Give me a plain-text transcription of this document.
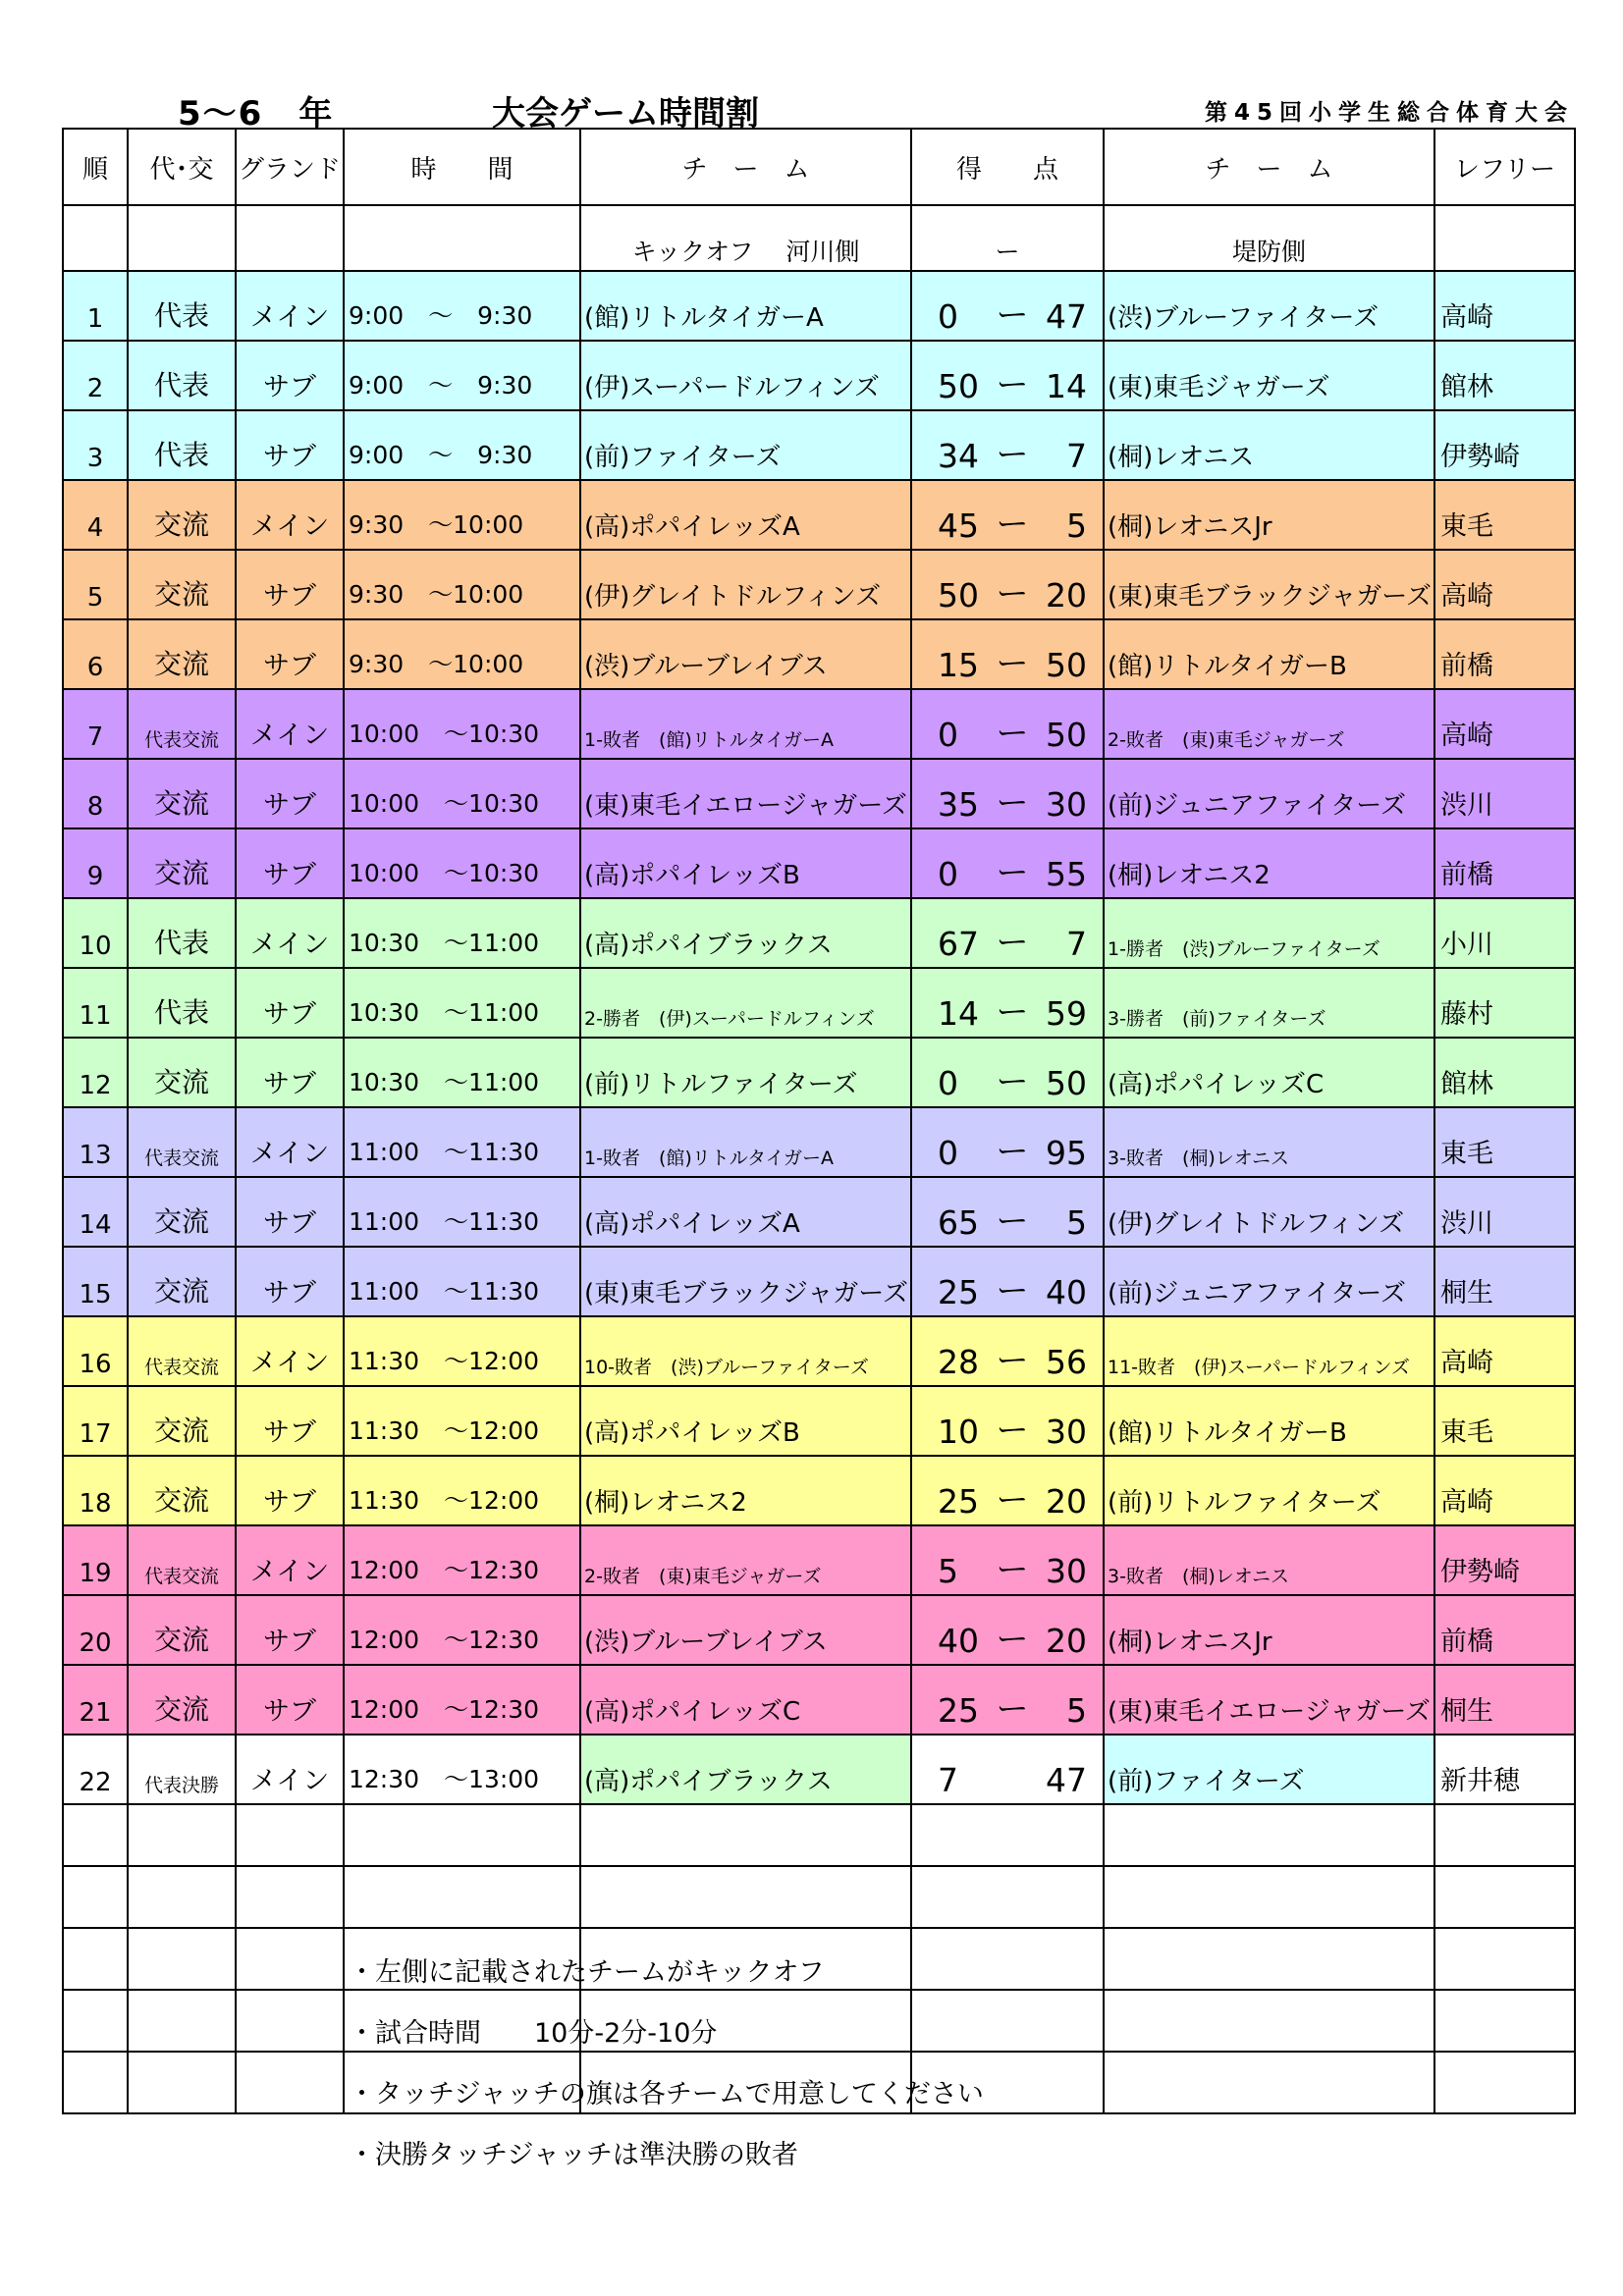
5～6　年	大会ゲーム時間割	第45回小学生総合体育大会
順	代･交	グランド	時　　間	チ　ー　ム	得　　点	チ　ー　ム	レフリー
				キックオフ　 河川側	ー	堤防側	
1	代表	メイン	9:00　～　9:30	(館)リトルタイガーA	0 ー 47	(渋)ブルーファイターズ	高崎
2	代表	サブ	9:00　～　9:30	(伊)スーパードルフィンズ	50 ー 14	(東)東毛ジャガーズ	館林
3	代表	サブ	9:00　～　9:30	(前)ファイターズ	34 ー 7	(桐)レオニス	伊勢崎
4	交流	メイン	9:30　～10:00	(高)ポパイレッズA	45 ー 5	(桐)レオニスJr	東毛
5	交流	サブ	9:30　～10:00	(伊)グレイトドルフィンズ	50 ー 20	(東)東毛ブラックジャガーズ	高崎
6	交流	サブ	9:30　～10:00	(渋)ブルーブレイブス	15 ー 50	(館)リトルタイガーB	前橋
7	代表交流	メイン	10:00　～10:30	1-敗者　(館)リトルタイガーA	0 ー 50	2-敗者　(東)東毛ジャガーズ	高崎
8	交流	サブ	10:00　～10:30	(東)東毛イエロージャガーズ	35 ー 30	(前)ジュニアファイターズ	渋川
9	交流	サブ	10:00　～10:30	(高)ポパイレッズB	0 ー 55	(桐)レオニス2	前橋
10	代表	メイン	10:30　～11:00	(高)ポパイブラックス	67 ー 7	1-勝者　(渋)ブルーファイターズ	小川
11	代表	サブ	10:30　～11:00	2-勝者　(伊)スーパードルフィンズ	14 ー 59	3-勝者　(前)ファイターズ	藤村
12	交流	サブ	10:30　～11:00	(前)リトルファイターズ	0 ー 50	(高)ポパイレッズC	館林
13	代表交流	メイン	11:00　～11:30	1-敗者　(館)リトルタイガーA	0 ー 95	3-敗者　(桐)レオニス	東毛
14	交流	サブ	11:00　～11:30	(高)ポパイレッズA	65 ー 5	(伊)グレイトドルフィンズ	渋川
15	交流	サブ	11:00　～11:30	(東)東毛ブラックジャガーズ	25 ー 40	(前)ジュニアファイターズ	桐生
16	代表交流	メイン	11:30　～12:00	10-敗者　(渋)ブルーファイターズ	28 ー 56	11-敗者　(伊)スーパードルフィンズ	高崎
17	交流	サブ	11:30　～12:00	(高)ポパイレッズB	10 ー 30	(館)リトルタイガーB	東毛
18	交流	サブ	11:30　～12:00	(桐)レオニス2	25 ー 20	(前)リトルファイターズ	高崎
19	代表交流	メイン	12:00　～12:30	2-敗者　(東)東毛ジャガーズ	5 ー 30	3-敗者　(桐)レオニス	伊勢崎
20	交流	サブ	12:00　～12:30	(渋)ブルーブレイブス	40 ー 20	(桐)レオニスJr	前橋
21	交流	サブ	12:00　～12:30	(高)ポパイレッズC	25 ー 5	(東)東毛イエロージャガーズ	桐生
22	代表決勝	メイン	12:30　～13:00	(高)ポパイブラックス	7 47	(前)ファイターズ	新井穂

・左側に記載されたチームがキックオフ
・試合時間　　10分-2分-10分
・タッチジャッチの旗は各チームで用意してください
・決勝タッチジャッチは準決勝の敗者
